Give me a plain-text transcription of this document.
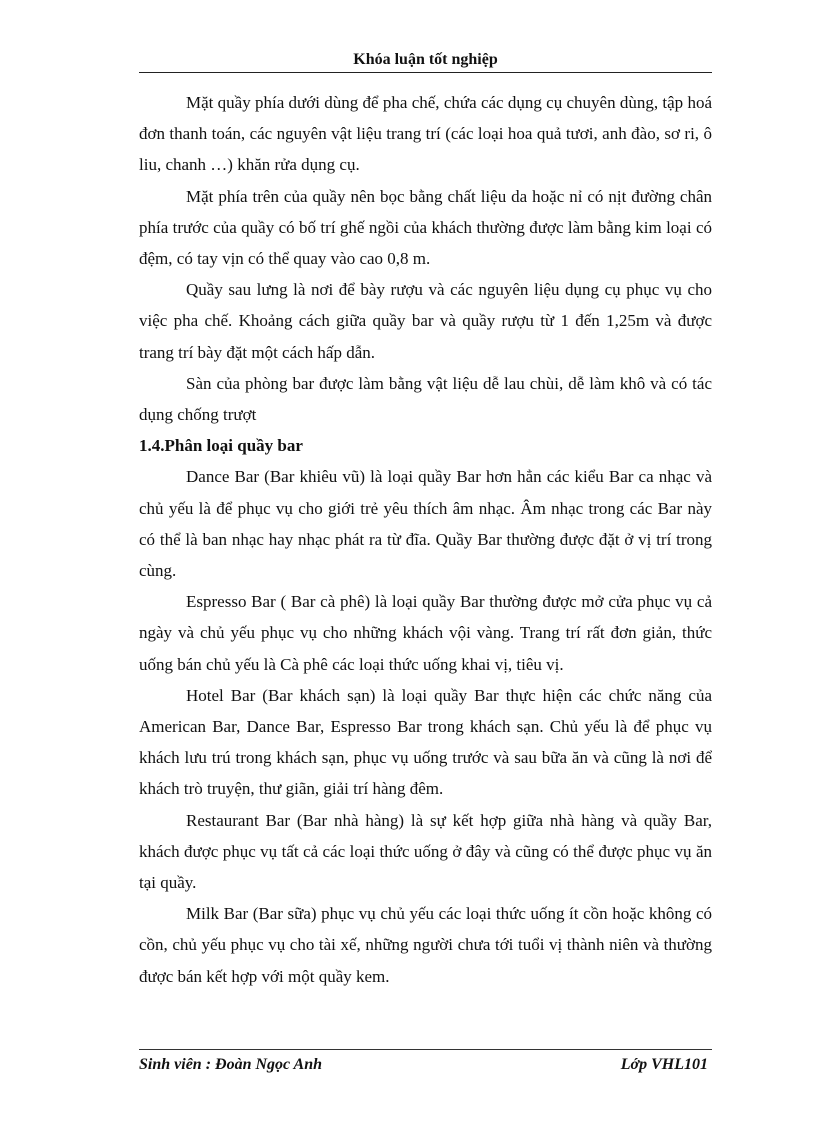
Khóa luận tốt nghiệp

Mặt quầy phía dưới dùng để pha chế, chứa các dụng cụ chuyên dùng, tập hoá đơn thanh toán, các nguyên vật liệu trang trí (các loại hoa quả tươi, anh đào, sơ ri, ô liu, chanh …) khăn rửa dụng cụ.

Mặt phía trên của quầy nên bọc bằng chất liệu da hoặc nỉ có nịt đường chân phía trước của quầy có bố trí ghế ngồi của khách thường được làm bằng kim loại có đệm, có tay vịn có thể quay vào cao 0,8 m.

Quầy sau lưng là nơi để bày rượu và các nguyên liệu dụng cụ phục vụ cho việc pha chế. Khoảng cách giữa quầy bar và quầy rượu từ 1 đến 1,25m và được trang trí bày đặt một cách hấp dẫn.

Sàn của phòng bar được làm bằng vật liệu dễ lau chùi, dễ làm khô và có tác dụng chống trượt

1.4.Phân loại quầy bar

Dance Bar (Bar khiêu vũ) là loại quầy Bar hơn hẳn các kiểu Bar ca nhạc và chủ yếu là để phục vụ cho giới trẻ yêu thích âm nhạc. Âm nhạc trong các Bar này có thể là ban nhạc hay nhạc phát ra từ đĩa. Quầy Bar thường được đặt ở vị trí trong cùng.

Espresso Bar ( Bar cà phê) là loại quầy Bar thường được mở cửa phục vụ cả ngày và chủ yếu phục vụ cho những khách vội vàng. Trang trí rất đơn giản, thức uống bán chủ yếu là Cà phê các loại thức uống khai vị, tiêu vị.

Hotel Bar (Bar khách sạn) là loại quầy Bar thực hiện các chức năng của American Bar, Dance Bar, Espresso Bar trong khách sạn. Chủ yếu là để phục vụ khách lưu trú trong khách sạn, phục vụ uống trước và sau bữa ăn và cũng là nơi để khách trò truyện, thư giãn, giải trí hàng đêm.

Restaurant Bar (Bar nhà hàng) là sự kết hợp giữa nhà hàng và quầy Bar, khách được phục vụ tất cả các loại thức uống ở đây và cũng có thể được phục vụ ăn tại quầy.

Milk Bar (Bar sữa) phục vụ chủ yếu các loại thức uống ít cồn hoặc không có cồn, chủ yếu phục vụ cho tài xế, những người chưa tới tuổi vị thành niên và thường được bán kết hợp với một quầy kem.

Sinh viên : Đoàn Ngọc Anh	Lớp VHL101
